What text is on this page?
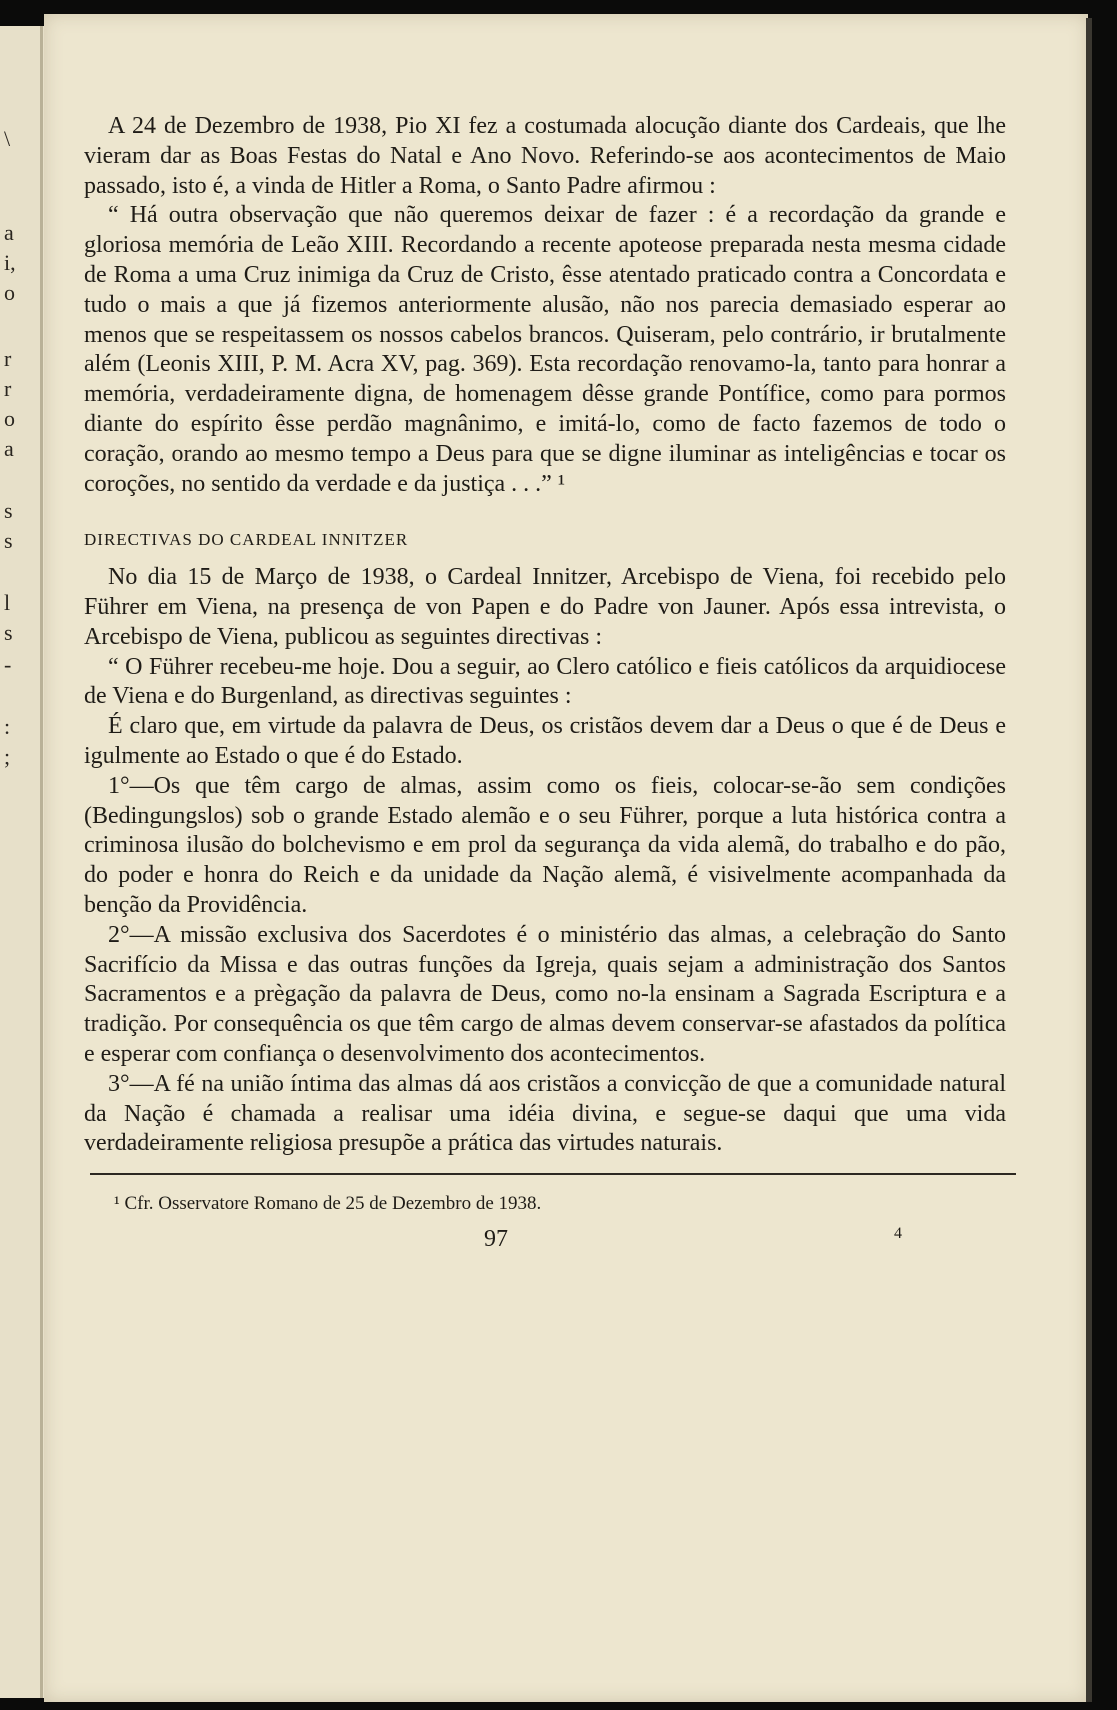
\
a
i,
o
r
r
o
a
s
s
l
s
-
:
;

A 24 de Dezembro de 1938, Pio XI fez a costumada alocução diante dos Cardeais, que lhe vieram dar as Boas Festas do Natal e Ano Novo. Referindo-se aos acontecimentos de Maio passado, isto é, a vinda de Hitler a Roma, o Santo Padre afirmou :

“ Há outra observação que não queremos deixar de fazer : é a recordação da grande e gloriosa memória de Leão XIII. Recordando a recente apoteose preparada nesta mesma cidade de Roma a uma Cruz inimiga da Cruz de Cristo, êsse atentado praticado contra a Concordata e tudo o mais a que já fizemos anteriormente alusão, não nos parecia demasiado esperar ao menos que se respeitassem os nossos cabelos brancos. Quiseram, pelo contrário, ir brutalmente além (Leonis XIII, P. M. Acra XV, pag. 369). Esta recordação renovamo-la, tanto para honrar a memória, verdadeiramente digna, de homenagem dêsse grande Pontífice, como para pormos diante do espírito êsse perdão magnânimo, e imitá-lo, como de facto fazemos de todo o coração, orando ao mesmo tempo a Deus para que se digne iluminar as inteligências e tocar os coroções, no sentido da verdade e da justiça . . .” ¹

DIRECTIVAS DO CARDEAL INNITZER

No dia 15 de Março de 1938, o Cardeal Innitzer, Arcebispo de Viena, foi recebido pelo Führer em Viena, na presença de von Papen e do Padre von Jauner. Após essa intrevista, o Arcebispo de Viena, publicou as seguintes directivas :

“ O Führer recebeu-me hoje. Dou a seguir, ao Clero católico e fieis católicos da arquidiocese de Viena e do Burgenland, as directivas seguintes :

É claro que, em virtude da palavra de Deus, os cristãos devem dar a Deus o que é de Deus e igulmente ao Estado o que é do Estado.

1°—Os que têm cargo de almas, assim como os fieis, colocar-se-ão sem condições (Bedingungslos) sob o grande Estado alemão e o seu Führer, porque a luta histórica contra a criminosa ilusão do bolchevismo e em prol da segurança da vida alemã, do trabalho e do pão, do poder e honra do Reich e da unidade da Nação alemã, é visivelmente acompanhada da benção da Providência.

2°—A missão exclusiva dos Sacerdotes é o ministério das almas, a celebração do Santo Sacrifício da Missa e das outras funções da Igreja, quais sejam a administração dos Santos Sacramentos e a prègação da palavra de Deus, como no-la ensinam a Sagrada Escriptura e a tradição. Por consequência os que têm cargo de almas devem conservar-se afastados da política e esperar com confiança o desenvolvimento dos acontecimentos.

3°—A fé na união íntima das almas dá aos cristãos a convicção de que a comunidade natural da Nação é chamada a realisar uma idéia divina, e segue-se daqui que uma vida verdadeiramente religiosa presupõe a prática das virtudes naturais.

¹ Cfr. Osservatore Romano de 25 de Dezembro de 1938.
97	4
